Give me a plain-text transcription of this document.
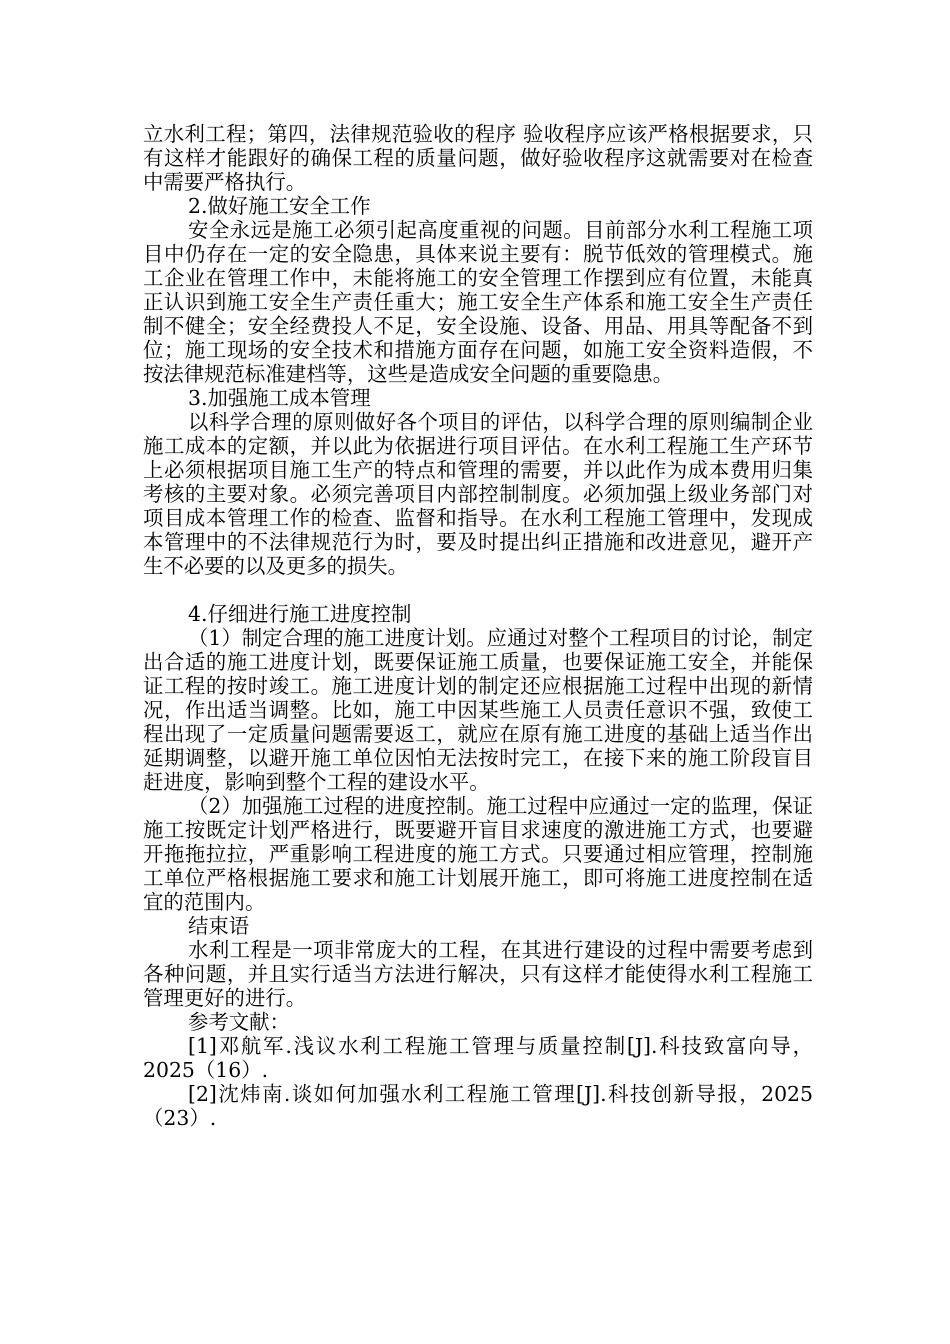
立水利工程；第四，法律规范验收的程序 验收程序应该严格根据要求，只有这样才能跟好的确保工程的质量问题，做好验收程序这就需要对在检查中需要严格执行。

2.做好施工安全工作

安全永远是施工必须引起高度重视的问题。目前部分水利工程施工项目中仍存在一定的安全隐患，具体来说主要有：脱节低效的管理模式。施工企业在管理工作中，未能将施工的安全管理工作摆到应有位置，未能真正认识到施工安全生产责任重大；施工安全生产体系和施工安全生产责任制不健全；安全经费投人不足，安全设施、设备、用品、用具等配备不到位；施工现场的安全技术和措施方面存在问题，如施工安全资料造假，不按法律规范标准建档等，这些是造成安全问题的重要隐患。

3.加强施工成本管理

以科学合理的原则做好各个项目的评估，以科学合理的原则编制企业施工成本的定额，并以此为依据进行项目评估。在水利工程施工生产环节上必须根据项目施工生产的特点和管理的需要，并以此作为成本费用归集考核的主要对象。必须完善项目内部控制制度。必须加强上级业务部门对项目成本管理工作的检查、监督和指导。在水利工程施工管理中，发现成本管理中的不法律规范行为时，要及时提出纠正措施和改进意见，避开产生不必要的以及更多的损失。

4.仔细进行施工进度控制

（1）制定合理的施工进度计划。应通过对整个工程项目的讨论，制定出合适的施工进度计划，既要保证施工质量，也要保证施工安全，并能保证工程的按时竣工。施工进度计划的制定还应根据施工过程中出现的新情况，作出适当调整。比如，施工中因某些施工人员责任意识不强，致使工程出现了一定质量问题需要返工，就应在原有施工进度的基础上适当作出延期调整，以避开施工单位因怕无法按时完工，在接下来的施工阶段盲目赶进度，影响到整个工程的建设水平。

（2）加强施工过程的进度控制。施工过程中应通过一定的监理，保证施工按既定计划严格进行，既要避开盲目求速度的激进施工方式，也要避开拖拖拉拉，严重影响工程进度的施工方式。只要通过相应管理，控制施工单位严格根据施工要求和施工计划展开施工，即可将施工进度控制在适宜的范围内。

结束语

水利工程是一项非常庞大的工程，在其进行建设的过程中需要考虑到各种问题，并且实行适当方法进行解决，只有这样才能使得水利工程施工管理更好的进行。

参考文献：

[1]邓航军.浅议水利工程施工管理与质量控制[J].科技致富向导，2025（16）.

[2]沈炜南.谈如何加强水利工程施工管理[J].科技创新导报，2025（23）.
